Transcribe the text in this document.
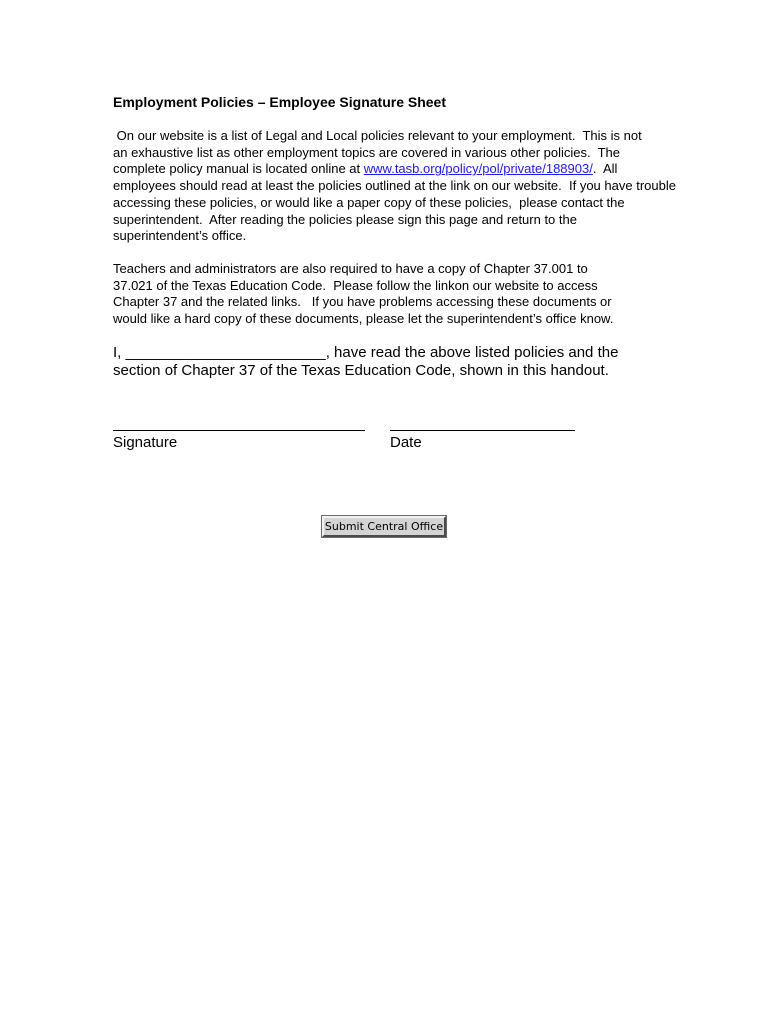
Employment Policies – Employee Signature Sheet
On our website is a list of Legal and Local policies relevant to your employment.  This is not
an exhaustive list as other employment topics are covered in various other policies.  The
complete policy manual is located online at www.tasb.org/policy/pol/private/188903/.  All
employees should read at least the policies outlined at the link on our website.  If you have trouble
accessing these policies, or would like a paper copy of these policies,  please contact the
superintendent.  After reading the policies please sign this page and return to the
superintendent’s office.
Teachers and administrators are also required to have a copy of Chapter 37.001 to
37.021 of the Texas Education Code.  Please follow the linkon our website to access
Chapter 37 and the related links.   If you have problems accessing these documents or
would like a hard copy of these documents, please let the superintendent’s office know.
I, ________________________, have read the above listed policies and the
section of Chapter 37 of the Texas Education Code, shown in this handout.
Signature	Date
Submit Central Office
